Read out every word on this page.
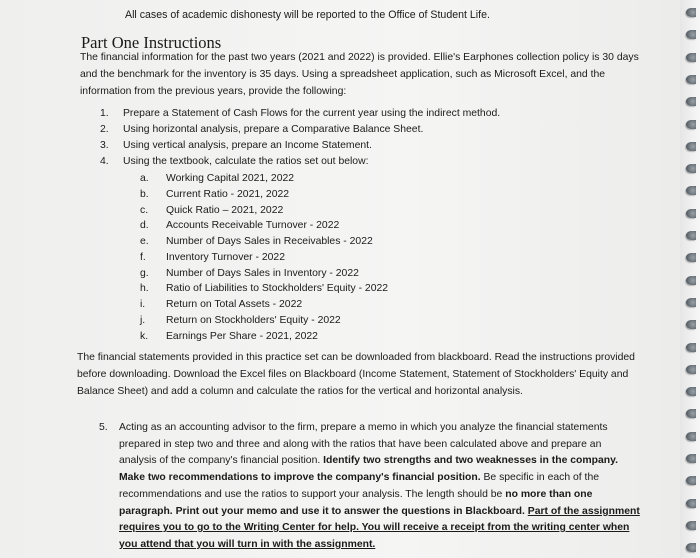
All cases of academic dishonesty will be reported to the Office of Student Life.
Part One Instructions

The financial information for the past two years (2021 and 2022) is provided. Ellie's Earphones collection policy is 30 days and the benchmark for the inventory is 35 days. Using a spreadsheet application, such as Microsoft Excel, and the information from the previous years, provide the following:

1.	Prepare a Statement of Cash Flows for the current year using the indirect method.
2.	Using horizontal analysis, prepare a Comparative Balance Sheet.
3.	Using vertical analysis, prepare an Income Statement.
4.	Using the textbook, calculate the ratios set out below:
a.	Working Capital 2021, 2022
b.	Current Ratio - 2021, 2022
c.	Quick Ratio – 2021, 2022
d.	Accounts Receivable Turnover - 2022
e.	Number of Days Sales in Receivables - 2022
f.	Inventory Turnover - 2022
g.	Number of Days Sales in Inventory - 2022
h.	Ratio of Liabilities to Stockholders' Equity - 2022
i.	Return on Total Assets - 2022
j.	Return on Stockholders' Equity - 2022
k.	Earnings Per Share - 2021, 2022

The financial statements provided in this practice set can be downloaded from blackboard. Read the instructions provided before downloading. Download the Excel files on Blackboard (Income Statement, Statement of Stockholders' Equity and Balance Sheet) and add a column and calculate the ratios for the vertical and horizontal analysis.

5. Acting as an accounting advisor to the firm, prepare a memo in which you analyze the financial statements prepared in step two and three and along with the ratios that have been calculated above and prepare an analysis of the company's financial position. Identify two strengths and two weaknesses in the company. Make two recommendations to improve the company's financial position. Be specific in each of the recommendations and use the ratios to support your analysis. The length should be no more than one paragraph. Print out your memo and use it to answer the questions in Blackboard. Part of the assignment requires you to go to the Writing Center for help. You will receive a receipt from the writing center when you attend that you will turn in with the assignment.
